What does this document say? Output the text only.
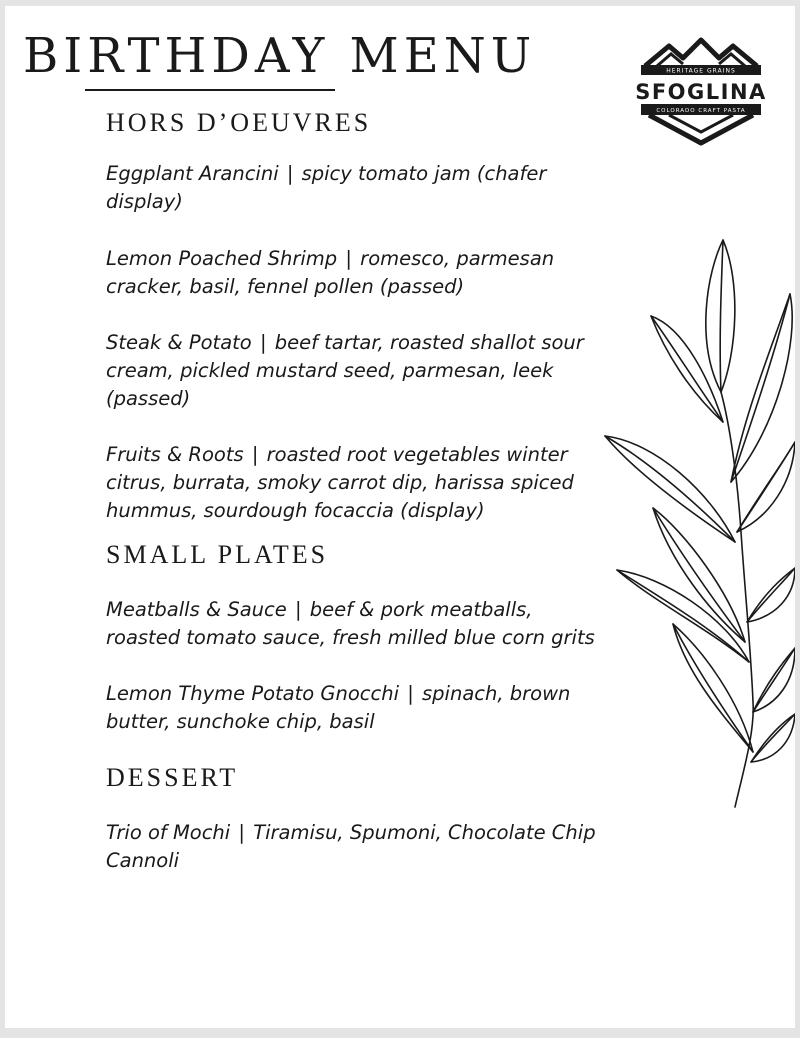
BIRTHDAY MENU	HERITAGE GRAINS
SFOGLINA
COLORADO CRAFT PASTA
HORS D’OEUVRES

Eggplant Arancini | spicy tomato jam (chafer display)

Lemon Poached Shrimp | romesco, parmesan cracker, basil, fennel pollen (passed)

Steak & Potato | beef tartar, roasted shallot sour cream, pickled mustard seed, parmesan, leek (passed)

Fruits & Roots | roasted root vegetables winter citrus, burrata, smoky carrot dip, harissa spiced hummus, sourdough focaccia (display)

SMALL PLATES

Meatballs & Sauce | beef & pork meatballs, roasted tomato sauce, fresh milled blue corn grits

Lemon Thyme Potato Gnocchi | spinach, brown butter, sunchoke chip, basil

DESSERT

Trio of Mochi | Tiramisu, Spumoni, Chocolate Chip Cannoli
